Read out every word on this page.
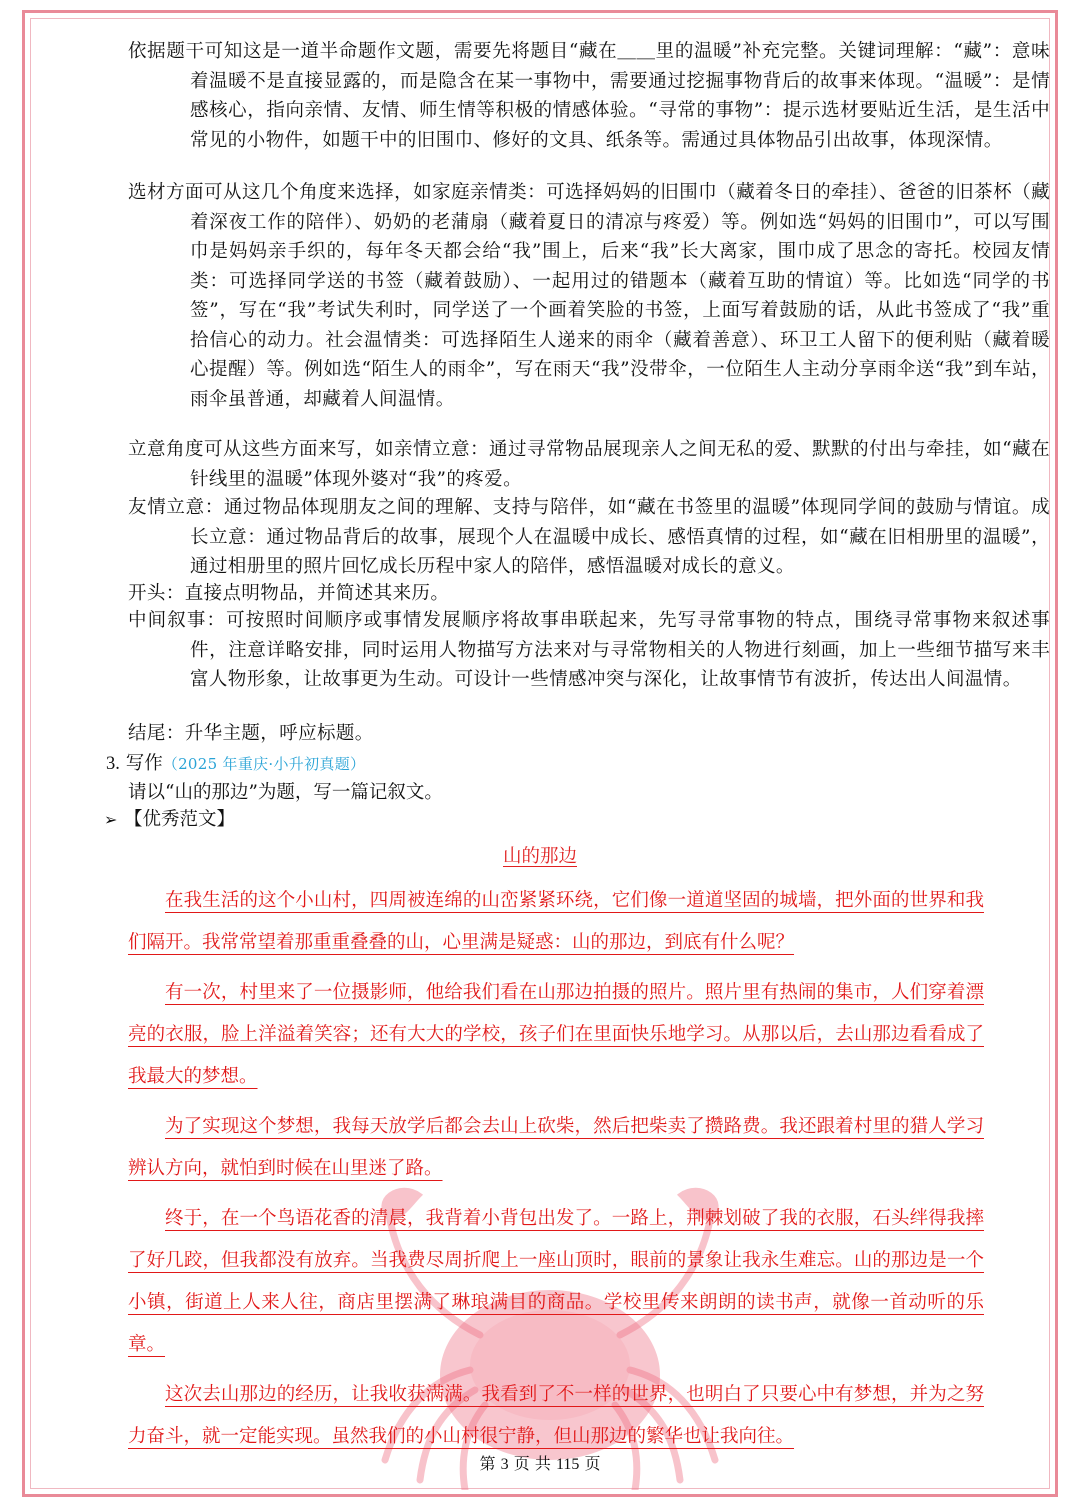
依据题干可知这是一道半命题作文题，需要先将题目“藏在＿＿里的温暖”补充完整。关键词理解：“藏”：意味着温暖不是直接显露的，而是隐含在某一事物中，需要通过挖掘事物背后的故事来体现。“温暖”：是情感核心，指向亲情、友情、师生情等积极的情感体验。“寻常的事物”：提示选材要贴近生活，是生活中常见的小物件，如题干中的旧围巾、修好的文具、纸条等。需通过具体物品引出故事，体现深情。
选材方面可从这几个角度来选择，如家庭亲情类：可选择妈妈的旧围巾（藏着冬日的牵挂）、爸爸的旧茶杯（藏着深夜工作的陪伴）、奶奶的老蒲扇（藏着夏日的清凉与疼爱）等。例如选“妈妈的旧围巾”，可以写围巾是妈妈亲手织的，每年冬天都会给“我”围上，后来“我”长大离家，围巾成了思念的寄托。校园友情类：可选择同学送的书签（藏着鼓励）、一起用过的错题本（藏着互助的情谊）等。比如选“同学的书签”，写在“我”考试失利时，同学送了一个画着笑脸的书签，上面写着鼓励的话，从此书签成了“我”重拾信心的动力。社会温情类：可选择陌生人递来的雨伞（藏着善意）、环卫工人留下的便利贴（藏着暖心提醒）等。例如选“陌生人的雨伞”，写在雨天“我”没带伞，一位陌生人主动分享雨伞送“我”到车站，雨伞虽普通，却藏着人间温情。
立意角度可从这些方面来写，如亲情立意：通过寻常物品展现亲人之间无私的爱、默默的付出与牵挂，如“藏在针线里的温暖”体现外婆对“我”的疼爱。
友情立意：通过物品体现朋友之间的理解、支持与陪伴，如“藏在书签里的温暖”体现同学间的鼓励与情谊。成长立意：通过物品背后的故事，展现个人在温暖中成长、感悟真情的过程，如“藏在旧相册里的温暖”，通过相册里的照片回忆成长历程中家人的陪伴，感悟温暖对成长的意义。
开头：直接点明物品，并简述其来历。
中间叙事：可按照时间顺序或事情发展顺序将故事串联起来，先写寻常事物的特点，围绕寻常事物来叙述事件，注意详略安排，同时运用人物描写方法来对与寻常物相关的人物进行刻画，加上一些细节描写来丰富人物形象，让故事更为生动。可设计一些情感冲突与深化，让故事情节有波折，传达出人间温情。
结尾：升华主题，呼应标题。
3. 写作（2025 年重庆·小升初真题）
请以“山的那边”为题，写一篇记叙文。
➢ 【优秀范文】
山的那边

在我生活的这个小山村，四周被连绵的山峦紧紧环绕，它们像一道道坚固的城墙，把外面的世界和我们隔开。我常常望着那重重叠叠的山，心里满是疑惑：山的那边，到底有什么呢？

有一次，村里来了一位摄影师，他给我们看在山那边拍摄的照片。照片里有热闹的集市，人们穿着漂亮的衣服，脸上洋溢着笑容；还有大大的学校，孩子们在里面快乐地学习。从那以后，去山那边看看成了我最大的梦想。

为了实现这个梦想，我每天放学后都会去山上砍柴，然后把柴卖了攒路费。我还跟着村里的猎人学习辨认方向，就怕到时候在山里迷了路。

终于，在一个鸟语花香的清晨，我背着小背包出发了。一路上，荆棘划破了我的衣服，石头绊得我摔了好几跤，但我都没有放弃。当我费尽周折爬上一座山顶时，眼前的景象让我永生难忘。山的那边是一个小镇，街道上人来人往，商店里摆满了琳琅满目的商品。学校里传来朗朗的读书声，就像一首动听的乐章。

这次去山那边的经历，让我收获满满。我看到了不一样的世界，也明白了只要心中有梦想，并为之努力奋斗，就一定能实现。虽然我们的小山村很宁静，但山那边的繁华也让我向往。

第 3 页 共 115 页
